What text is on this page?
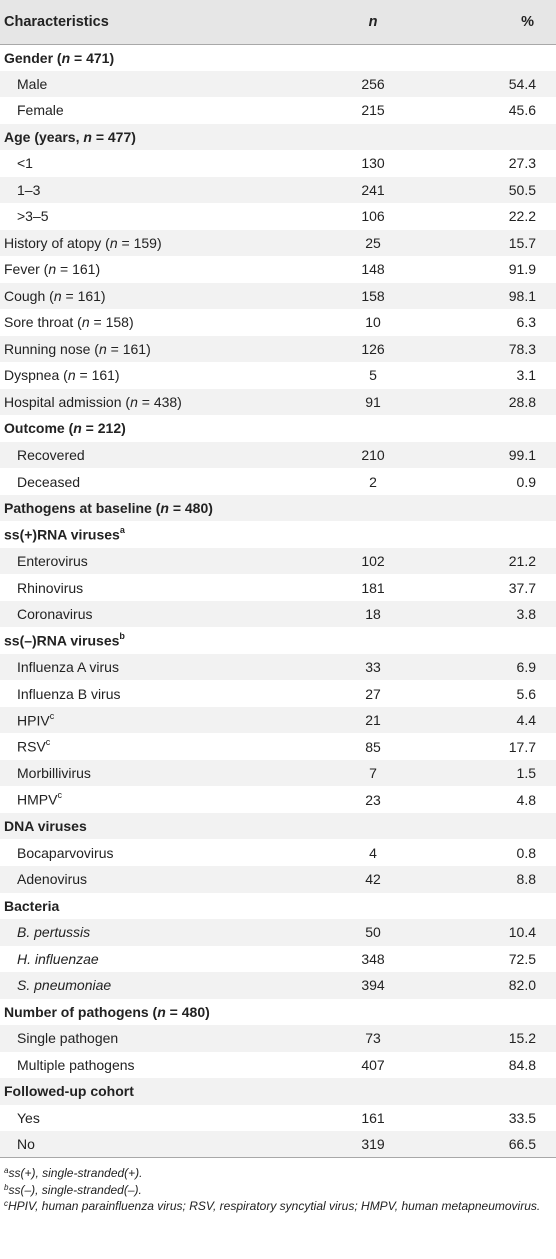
Characteristics	n	%
Gender (n = 471)		
Male	256	54.4
Female	215	45.6
Age (years, n = 477)		
<1	130	27.3
1–3	241	50.5
>3–5	106	22.2
History of atopy (n = 159)	25	15.7
Fever (n = 161)	148	91.9
Cough (n = 161)	158	98.1
Sore throat (n = 158)	10	6.3
Running nose (n = 161)	126	78.3
Dyspnea (n = 161)	5	3.1
Hospital admission (n = 438)	91	28.8
Outcome (n = 212)		
Recovered	210	99.1
Deceased	2	0.9
Pathogens at baseline (n = 480)		
ss(+)RNA viruses$^a$		
Enterovirus	102	21.2
Rhinovirus	181	37.7
Coronavirus	18	3.8
ss(–)RNA viruses$^b$		
Influenza A virus	33	6.9
Influenza B virus	27	5.6
HPIV$^c$	21	4.4
RSV$^c$	85	17.7
Morbillivirus	7	1.5
HMPV$^c$	23	4.8
DNA viruses		
Bocaparvovirus	4	0.8
Adenovirus	42	8.8
Bacteria		
B. pertussis	50	10.4
H. influenzae	348	72.5
S. pneumoniae	394	82.0
Number of pathogens (n = 480)		
Single pathogen	73	15.2
Multiple pathogens	407	84.8
Followed-up cohort		
Yes	161	33.5
No	319	66.5

$^a$ss(+), single-stranded(+).

$^b$ss(–), single-stranded(–).

$^c$HPIV, human parainfluenza virus; RSV, respiratory syncytial virus; HMPV, human metapneumovirus.
